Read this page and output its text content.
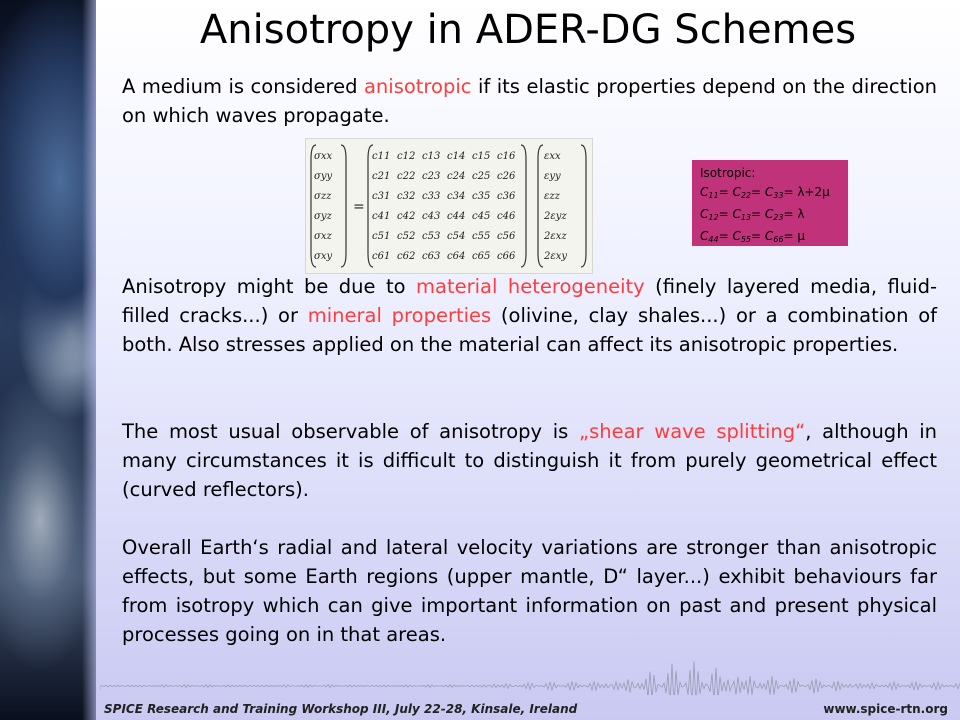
Anisotropy in ADER-DG Schemes
A medium is considered anisotropic if its elastic properties depend on the direction on which waves propagate.
σxx
σyy
σzz
σyz
σxz
σxy
=
c11 c12 c13 c14 c15 c16
c21 c22 c23 c24 c25 c26
c31 c32 c33 c34 c35 c36
c41 c42 c43 c44 c45 c46
c51 c52 c53 c54 c55 c56
c61 c62 c63 c64 c65 c66
εxx
εyy
εzz
2εyz
2εxz
2εxy
Isotropic:
$C_{11}= C_{22}= C_{33}= \lambda+2\mu$
$C_{12}= C_{13}= C_{23}= \lambda$
$C_{44}= C_{55}= C_{66}= \mu$
Anisotropy might be due to material heterogeneity (finely layered media, fluid-filled cracks...) or mineral properties (olivine, clay shales...) or a combination of both. Also stresses applied on the material can affect its anisotropic properties.
The most usual observable of anisotropy is „shear wave splitting“, although in many circumstances it is difficult to distinguish it from purely geometrical effect (curved reflectors).
Overall Earth‘s radial and lateral velocity variations are stronger than anisotropic effects, but some Earth regions (upper mantle, D“ layer...) exhibit behaviours far from isotropy which can give important information on past and present physical processes going on in that areas.
SPICE Research and Training Workshop III, July 22-28, Kinsale, Ireland	www.spice-rtn.org
